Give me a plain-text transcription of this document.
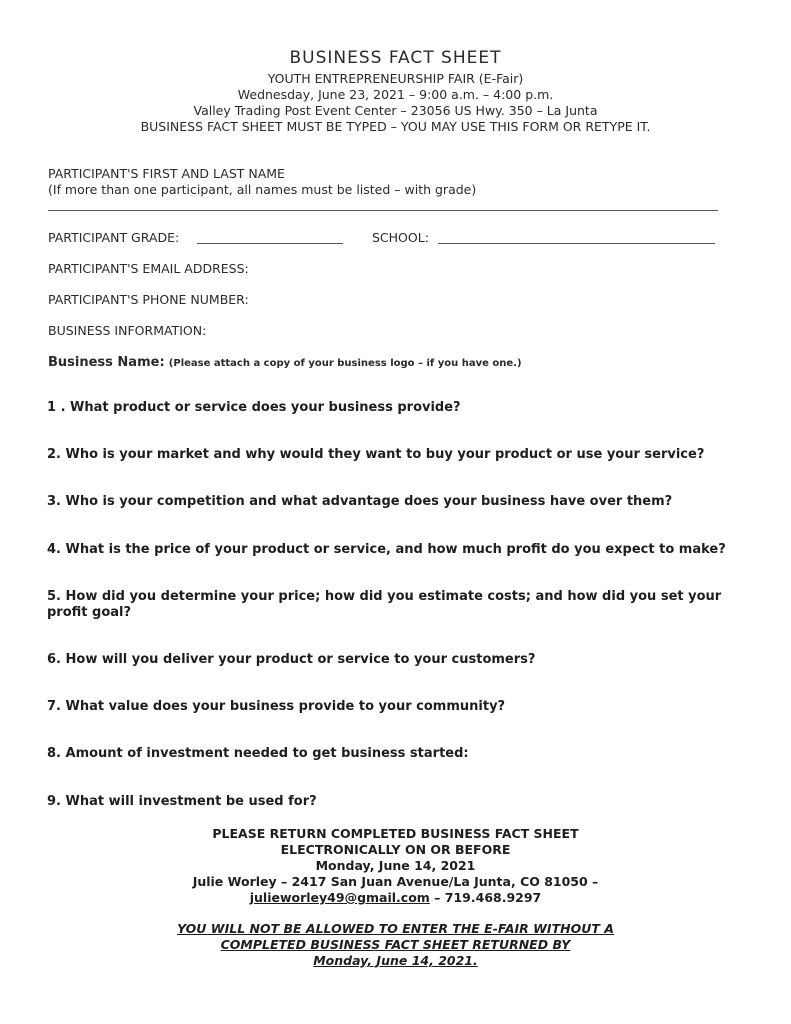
BUSINESS FACT SHEET
YOUTH ENTREPRENEURSHIP FAIR (E-Fair)
Wednesday, June 23, 2021 – 9:00 a.m. – 4:00 p.m.
Valley Trading Post Event Center – 23056 US Hwy. 350 – La Junta
BUSINESS FACT SHEET MUST BE TYPED – YOU MAY USE THIS FORM OR RETYPE IT.
PARTICIPANT'S FIRST AND LAST NAME
(If more than one participant, all names must be listed – with grade)
PARTICIPANT GRADE:	SCHOOL:
PARTICIPANT'S EMAIL ADDRESS:
PARTICIPANT'S PHONE NUMBER:
BUSINESS INFORMATION:
Business Name: (Please attach a copy of your business logo – if you have one.)
1 . What product or service does your business provide?
2. Who is your market and why would they want to buy your product or use your service?
3. Who is your competition and what advantage does your business have over them?
4. What is the price of your product or service, and how much profit do you expect to make?
5. How did you determine your price; how did you estimate costs; and how did you set your profit goal?
6. How will you deliver your product or service to your customers?
7. What value does your business provide to your community?
8. Amount of investment needed to get business started:
9. What will investment be used for?
PLEASE RETURN COMPLETED BUSINESS FACT SHEET
ELECTRONICALLY ON OR BEFORE
Monday, June 14, 2021
Julie Worley – 2417 San Juan Avenue/La Junta, CO 81050 –
julieworley49@gmail.com – 719.468.9297
YOU WILL NOT BE ALLOWED TO ENTER THE E-FAIR WITHOUT A
COMPLETED BUSINESS FACT SHEET RETURNED BY
Monday, June 14, 2021.
